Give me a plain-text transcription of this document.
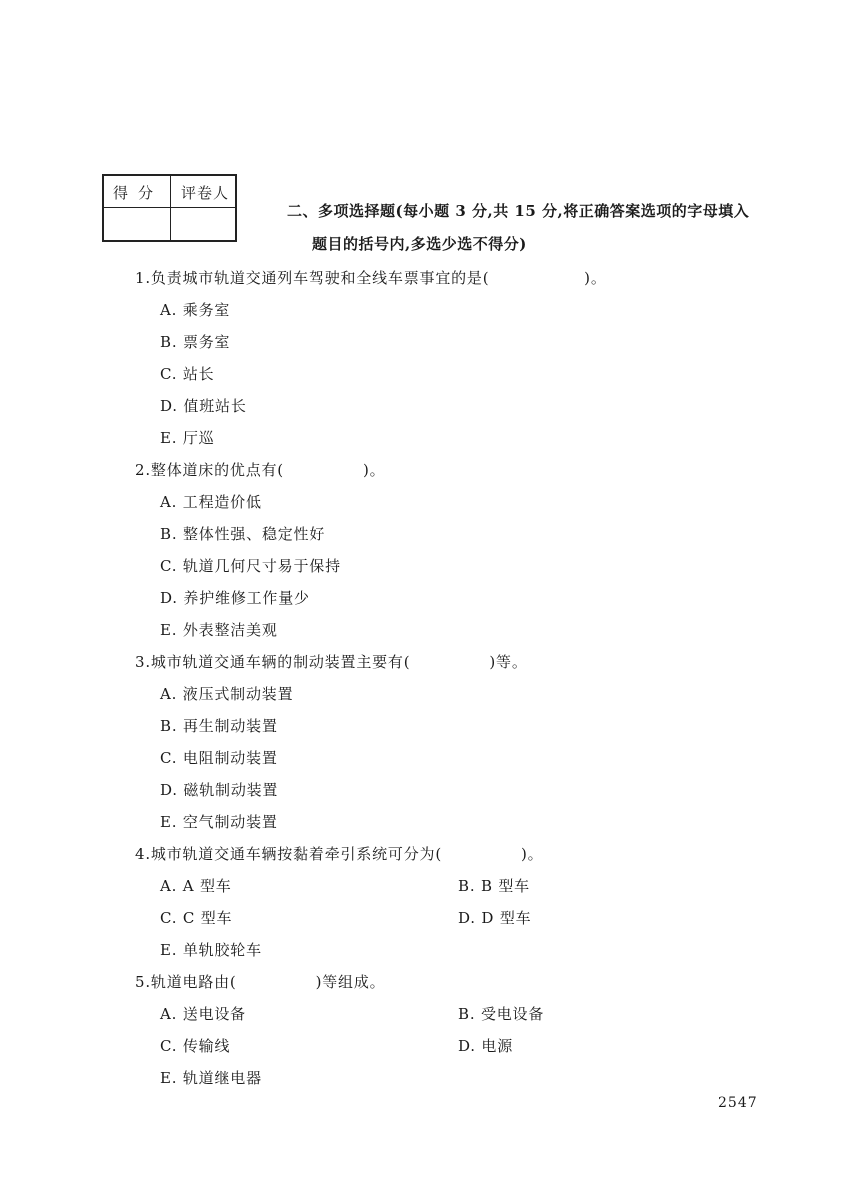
得分	评卷人
二、多项选择题(每小题 3 分,共 15 分,将正确答案选项的字母填入
题目的括号内,多选少选不得分)
1.负责城市轨道交通列车驾驶和全线车票事宜的是(　　　　　　)。
A. 乘务室
B. 票务室
C. 站长
D. 值班站长
E. 厅巡
2.整体道床的优点有(　　　　　)。
A. 工程造价低
B. 整体性强、稳定性好
C. 轨道几何尺寸易于保持
D. 养护维修工作量少
E. 外表整洁美观
3.城市轨道交通车辆的制动装置主要有(　　　　　)等。
A. 液压式制动装置
B. 再生制动装置
C. 电阻制动装置
D. 磁轨制动装置
E. 空气制动装置
4.城市轨道交通车辆按黏着牵引系统可分为(　　　　　)。
A. A 型车	B. B 型车
C. C 型车	D. D 型车
E. 单轨胶轮车
5.轨道电路由(　　　　　)等组成。
A. 送电设备	B. 受电设备
C. 传输线	D. 电源
E. 轨道继电器
2547
